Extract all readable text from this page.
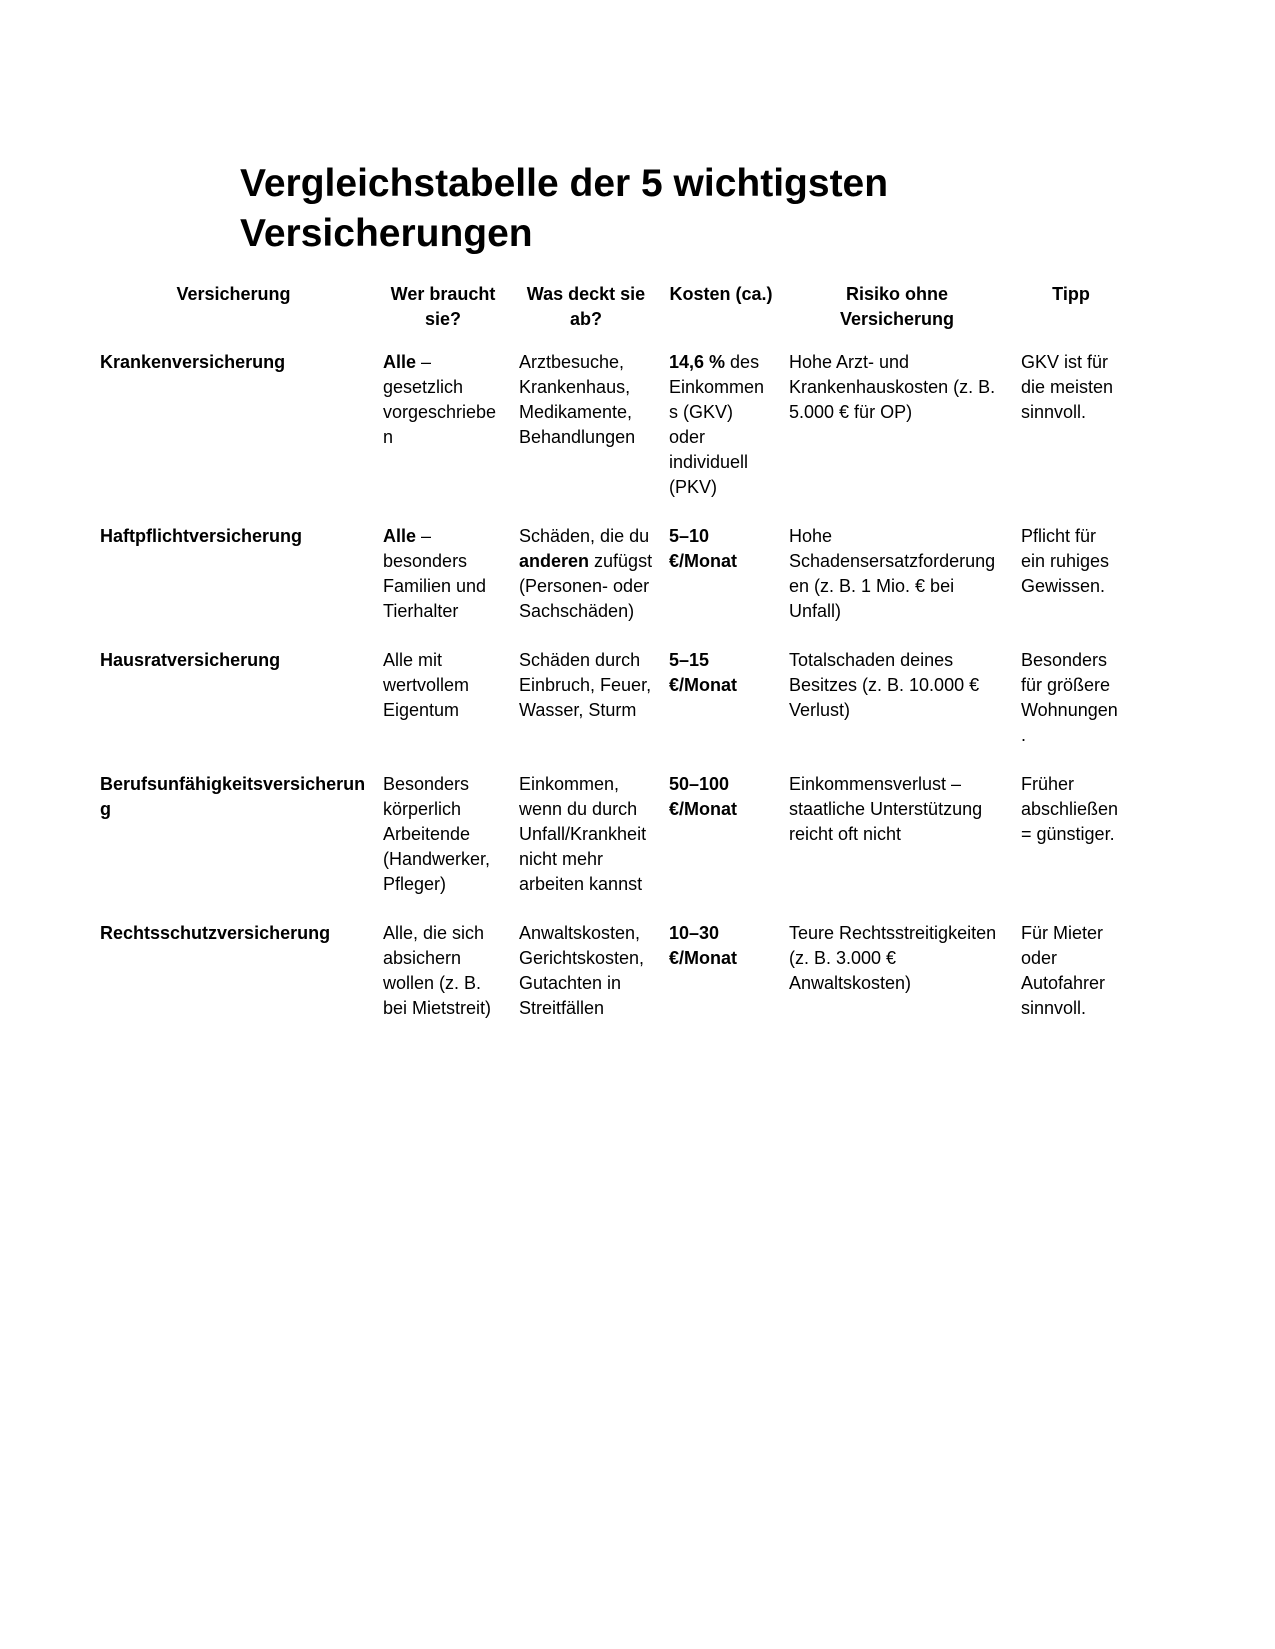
Vergleichstabelle der 5 wichtigsten
Versicherungen
Versicherung	Wer braucht sie?	Was deckt sie ab?	Kosten (ca.)	Risiko ohne Versicherung	Tipp
Krankenversicherung	Alle – gesetzlich vorgeschrieben	Arztbesuche, Krankenhaus, Medikamente, Behandlungen	14,6 % des Einkommens (GKV) oder individuell (PKV)	Hohe Arzt- und Krankenhauskosten (z. B. 5.000 € für OP)	GKV ist für die meisten sinnvoll.
Haftpflichtversicherung	Alle – besonders Familien und Tierhalter	Schäden, die du anderen zufügst (Personen- oder Sachschäden)	5–10 €/Monat	Hohe Schadensersatzforderungen (z. B. 1 Mio. € bei Unfall)	Pflicht für ein ruhiges Gewissen.
Hausratversicherung	Alle mit wertvollem Eigentum	Schäden durch Einbruch, Feuer, Wasser, Sturm	5–15 €/Monat	Totalschaden deines Besitzes (z. B. 10.000 € Verlust)	Besonders für größere Wohnungen.
Berufsunfähigkeitsversicherung	Besonders körperlich Arbeitende (Handwerker, Pfleger)	Einkommen, wenn du durch Unfall/Krankheit nicht mehr arbeiten kannst	50–100 €/Monat	Einkommensverlust – staatliche Unterstützung reicht oft nicht	Früher abschließen = günstiger.
Rechtsschutzversicherung	Alle, die sich absichern wollen (z. B. bei Mietstreit)	Anwaltskosten, Gerichtskosten, Gutachten in Streitfällen	10–30 €/Monat	Teure Rechtsstreitigkeiten (z. B. 3.000 € Anwaltskosten)	Für Mieter oder Autofahrer sinnvoll.
